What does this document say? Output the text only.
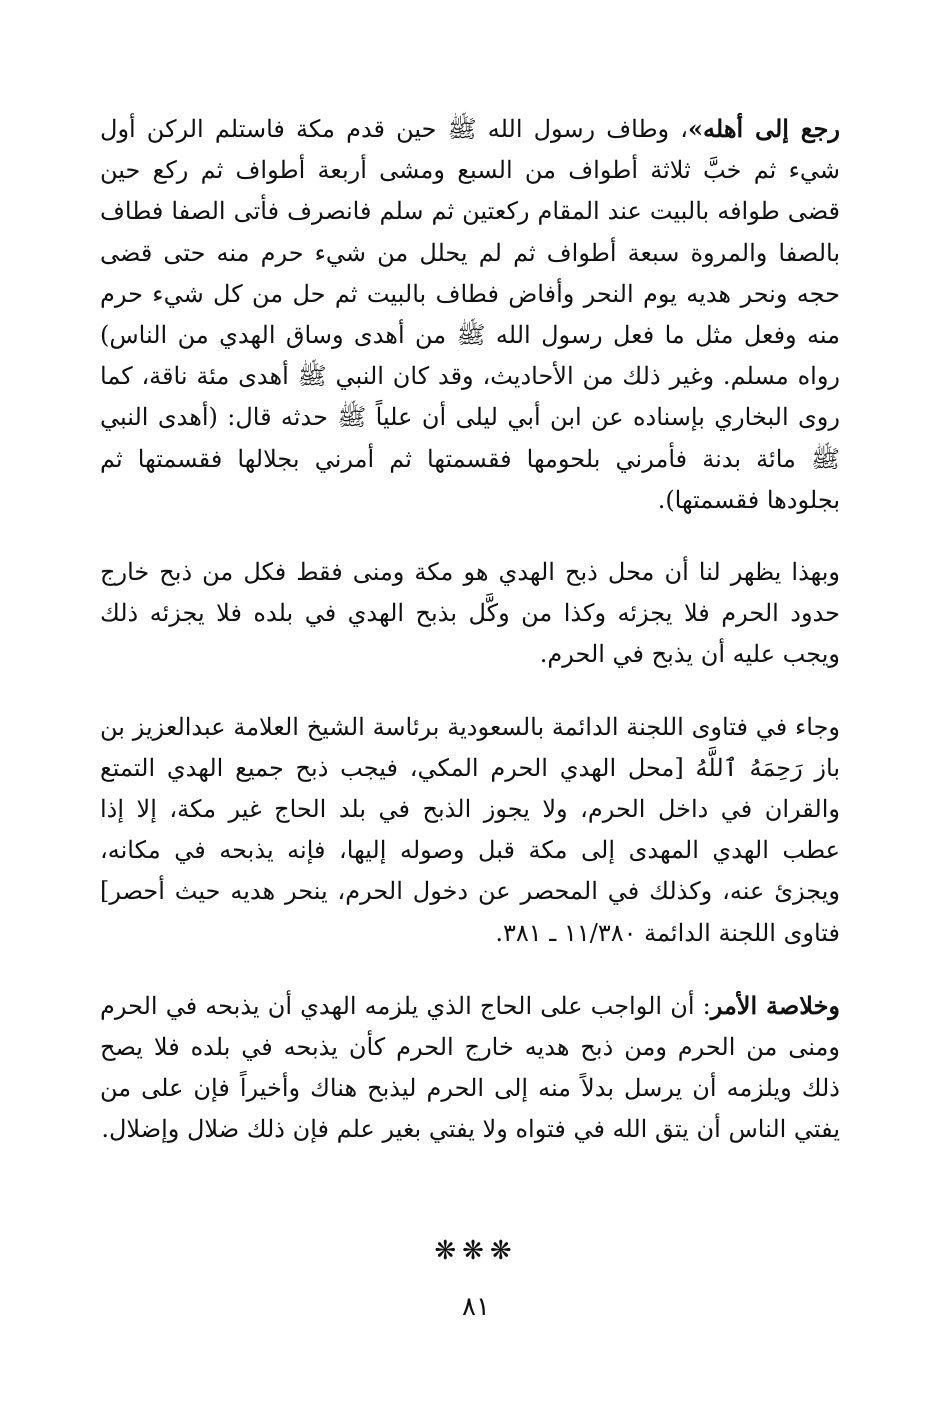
رجع إلى أهله»، وطاف رسول الله ﷺ حين قدم مكة فاستلم الركن أول شيء ثم خبَّ ثلاثة أطواف من السبع ومشى أربعة أطواف ثم ركع حين قضى طوافه بالبيت عند المقام ركعتين ثم سلم فانصرف فأتى الصفا فطاف بالصفا والمروة سبعة أطواف ثم لم يحلل من شيء حرم منه حتى قضى حجه ونحر هديه يوم النحر وأفاض فطاف بالبيت ثم حل من كل شيء حرم منه وفعل مثل ما فعل رسول الله ﷺ من أهدى وساق الهدي من الناس) رواه مسلم. وغير ذلك من الأحاديث، وقد كان النبي ﷺ أهدى مئة ناقة، كما روى البخاري بإسناده عن ابن أبي ليلى أن علياً ﷺ حدثه قال: (أهدى النبي ﷺ مائة بدنة فأمرني بلحومها فقسمتها ثم أمرني بجلالها فقسمتها ثم بجلودها فقسمتها).

وبهذا يظهر لنا أن محل ذبح الهدي هو مكة ومنى فقط فكل من ذبح خارج حدود الحرم فلا يجزئه وكذا من وكَّل بذبح الهدي في بلده فلا يجزئه ذلك ويجب عليه أن يذبح في الحرم.

وجاء في فتاوى اللجنة الدائمة بالسعودية برئاسة الشيخ العلامة عبدالعزيز بن باز رَحِمَهُ ٱللَّهُ [محل الهدي الحرم المكي، فيجب ذبح جميع الهدي التمتع والقران في داخل الحرم، ولا يجوز الذبح في بلد الحاج غير مكة، إلا إذا عطب الهدي المهدى إلى مكة قبل وصوله إليها، فإنه يذبحه في مكانه، ويجزئ عنه، وكذلك في المحصر عن دخول الحرم، ينحر هديه حيث أحصر] فتاوى اللجنة الدائمة ١١/٣٨٠ ـ ٣٨١.

وخلاصة الأمر: أن الواجب على الحاج الذي يلزمه الهدي أن يذبحه في الحرم ومنى من الحرم ومن ذبح هديه خارج الحرم كأن يذبحه في بلده فلا يصح ذلك ويلزمه أن يرسل بدلاً منه إلى الحرم ليذبح هناك وأخيراً فإن على من يفتي الناس أن يتق الله في فتواه ولا يفتي بغير علم فإن ذلك ضلال وإضلال.

❋❋❋
٨١
